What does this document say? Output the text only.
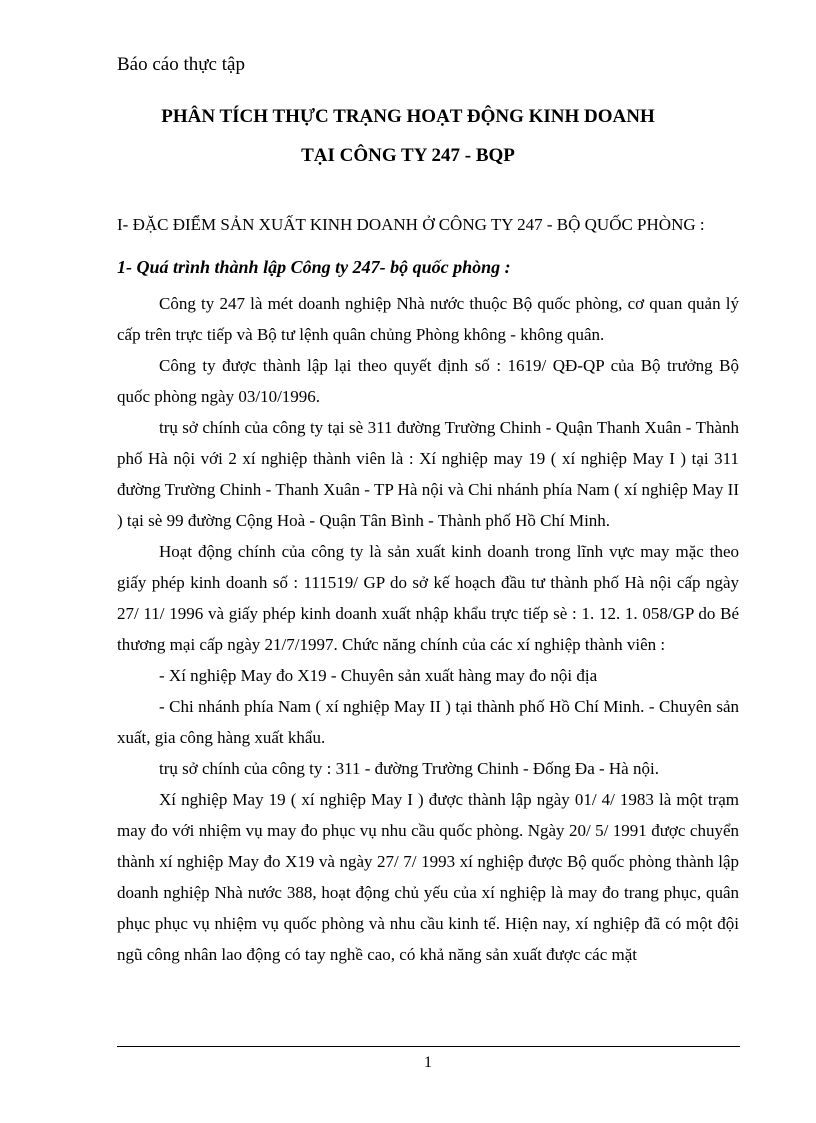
Báo cáo thực tập
PHÂN TÍCH THỰC TRẠNG HOẠT ĐỘNG KINH DOANH
TẠI CÔNG TY 247 - BQP
I- ĐẶC ĐIỂM SẢN XUẤT KINH DOANH Ở CÔNG TY 247 - BỘ QUỐC PHÒNG :
1- Quá trình thành lập Công ty 247- bộ quốc phòng :

Công ty 247 là mét doanh nghiệp Nhà nước thuộc Bộ quốc phòng, cơ quan quản lý cấp trên trực tiếp và Bộ tư lệnh quân chủng Phòng không - không quân.

Công ty được thành lập lại theo quyết định số : 1619/ QĐ-QP của Bộ trưởng Bộ quốc phòng ngày 03/10/1996.

trụ sở chính của công ty tại sè 311 đường Trường Chinh - Quận Thanh Xuân - Thành phố Hà nội với 2 xí nghiệp thành viên là : Xí nghiệp may 19 ( xí nghiệp May I ) tại 311 đường Trường Chinh - Thanh Xuân - TP Hà nội và Chi nhánh phía Nam ( xí nghiệp May II ) tại sè 99 đường Cộng Hoà - Quận Tân Bình - Thành phố Hồ Chí Minh.

Hoạt động chính của công ty là sản xuất kinh doanh trong lĩnh vực may mặc theo giấy phép kinh doanh số : 111519/ GP do sở kế hoạch đầu tư thành phố Hà nội cấp ngày 27/ 11/ 1996 và giấy phép kinh doanh xuất nhập khẩu trực tiếp sè : 1. 12. 1. 058/GP do Bé thương mại cấp ngày 21/7/1997. Chức năng chính của các xí nghiệp thành viên :

- Xí nghiệp May đo X19 - Chuyên sản xuất hàng may đo nội địa

- Chi nhánh phía Nam ( xí nghiệp May II ) tại thành phố Hồ Chí Minh. - Chuyên sản xuất, gia công hàng xuất khẩu.

trụ sở chính của công ty : 311 - đường Trường Chinh - Đống Đa - Hà nội.

Xí nghiệp May 19 ( xí nghiệp May I ) được thành lập ngày 01/ 4/ 1983 là một trạm may đo với nhiệm vụ may đo phục vụ nhu cầu quốc phòng. Ngày 20/ 5/ 1991 được chuyển thành xí nghiệp May đo X19 và ngày 27/ 7/ 1993 xí nghiệp được Bộ quốc phòng thành lập doanh nghiệp Nhà nước 388, hoạt động chủ yếu của xí nghiệp là may đo trang phục, quân phục phục vụ nhiệm vụ quốc phòng và nhu cầu kinh tế. Hiện nay, xí nghiệp đã có một đội ngũ công nhân lao động có tay nghề cao, có khả năng sản xuất được các mặt

1
